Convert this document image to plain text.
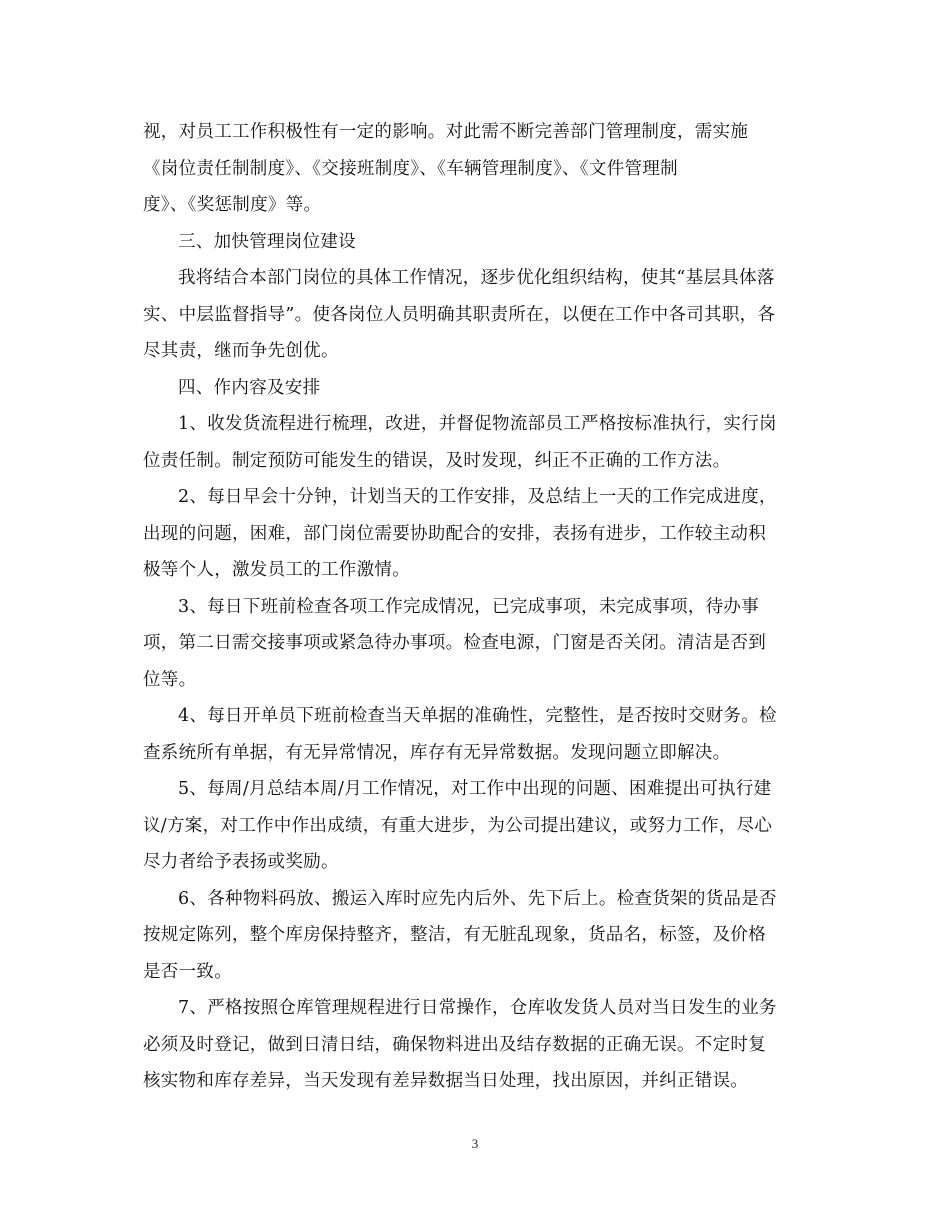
视，对员工工作积极性有一定的影响。对此需不断完善部门管理制度，需实施
《岗位责任制制度》、《交接班制度》、《车辆管理制度》、《文件管理制
度》、《奖惩制度》等。
三、加快管理岗位建设
我将结合本部门岗位的具体工作情况，逐步优化组织结构，使其“基层具体落
实、中层监督指导”。使各岗位人员明确其职责所在，以便在工作中各司其职，各
尽其责，继而争先创优。
四、作内容及安排
1、收发货流程进行梳理，改进，并督促物流部员工严格按标准执行，实行岗
位责任制。制定预防可能发生的错误，及时发现，纠正不正确的工作方法。
2、每日早会十分钟，计划当天的工作安排，及总结上一天的工作完成进度，
出现的问题，困难，部门岗位需要协助配合的安排，表扬有进步，工作较主动积
极等个人，激发员工的工作激情。
3、每日下班前检查各项工作完成情况，已完成事项，未完成事项，待办事
项，第二日需交接事项或紧急待办事项。检查电源，门窗是否关闭。清洁是否到
位等。
4、每日开单员下班前检查当天单据的准确性，完整性，是否按时交财务。检
查系统所有单据，有无异常情况，库存有无异常数据。发现问题立即解决。
5、每周/月总结本周/月工作情况，对工作中出现的问题、困难提出可执行建
议/方案，对工作中作出成绩，有重大进步，为公司提出建议，或努力工作，尽心
尽力者给予表扬或奖励。
6、各种物料码放、搬运入库时应先内后外、先下后上。检查货架的货品是否
按规定陈列，整个库房保持整齐，整洁，有无脏乱现象，货品名，标签，及价格
是否一致。
7、严格按照仓库管理规程进行日常操作，仓库收发货人员对当日发生的业务
必须及时登记，做到日清日结，确保物料进出及结存数据的正确无误。不定时复
核实物和库存差异，当天发现有差异数据当日处理，找出原因，并纠正错误。
3
